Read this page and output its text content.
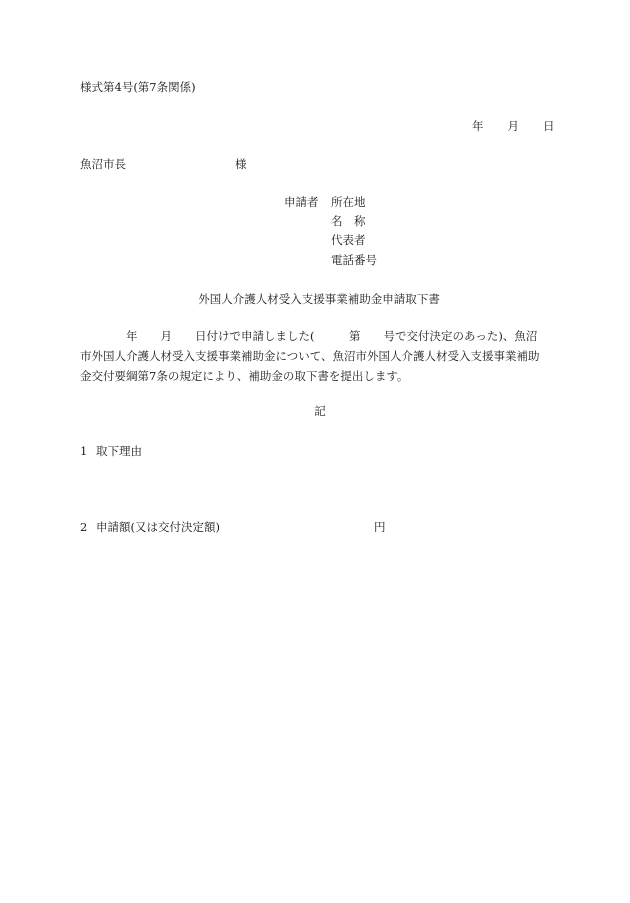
様式第4号(第7条関係)
年 月 日
魚沼市長	様
申請者 所在地
名　称
代表者
電話番号
外国人介護人材受入支援事業補助金申請取下書
　　　　年　　月　　日付けで申請しました(　　　第　　号で交付決定のあった)、魚沼
市外国人介護人材受入支援事業補助金について、魚沼市外国人介護人材受入支援事業補助
金交付要綱第7条の規定により、補助金の取下書を提出します。
記
1 取下理由
2 申請額(又は交付決定額)	円
